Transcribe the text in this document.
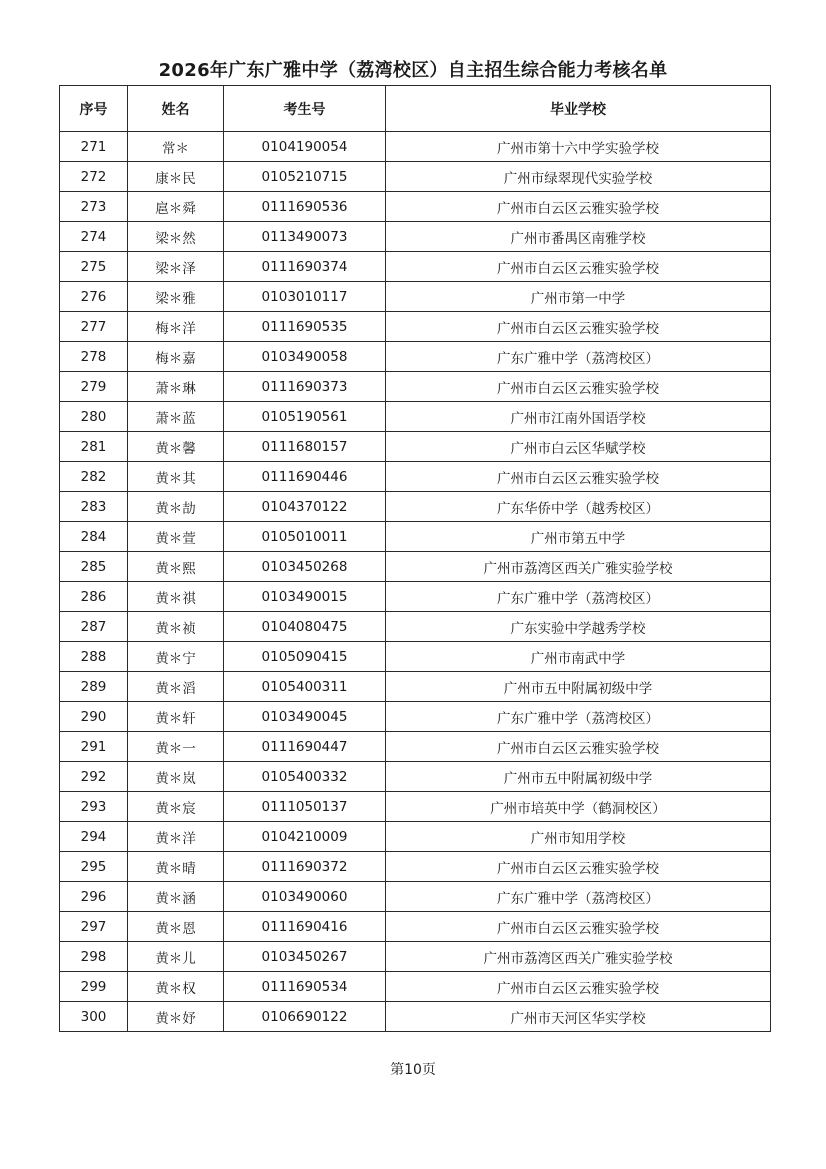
2026年广东广雅中学（荔湾校区）自主招生综合能力考核名单
序号	姓名	考生号	毕业学校
271	常＊	0104190054	广州市第十六中学实验学校
272	康＊民	0105210715	广州市绿翠现代实验学校
273	扈＊舜	0111690536	广州市白云区云雅实验学校
274	梁＊然	0113490073	广州市番禺区南雅学校
275	梁＊泽	0111690374	广州市白云区云雅实验学校
276	梁＊雅	0103010117	广州市第一中学
277	梅＊洋	0111690535	广州市白云区云雅实验学校
278	梅＊嘉	0103490058	广东广雅中学（荔湾校区）
279	萧＊琳	0111690373	广州市白云区云雅实验学校
280	萧＊蓝	0105190561	广州市江南外国语学校
281	黄＊馨	0111680157	广州市白云区华赋学校
282	黄＊其	0111690446	广州市白云区云雅实验学校
283	黄＊劼	0104370122	广东华侨中学（越秀校区）
284	黄＊萱	0105010011	广州市第五中学
285	黄＊熙	0103450268	广州市荔湾区西关广雅实验学校
286	黄＊祺	0103490015	广东广雅中学（荔湾校区）
287	黄＊祯	0104080475	广东实验中学越秀学校
288	黄＊宁	0105090415	广州市南武中学
289	黄＊滔	0105400311	广州市五中附属初级中学
290	黄＊轩	0103490045	广东广雅中学（荔湾校区）
291	黄＊一	0111690447	广州市白云区云雅实验学校
292	黄＊岚	0105400332	广州市五中附属初级中学
293	黄＊宸	0111050137	广州市培英中学（鹤洞校区）
294	黄＊洋	0104210009	广州市知用学校
295	黄＊晴	0111690372	广州市白云区云雅实验学校
296	黄＊涵	0103490060	广东广雅中学（荔湾校区）
297	黄＊恩	0111690416	广州市白云区云雅实验学校
298	黄＊儿	0103450267	广州市荔湾区西关广雅实验学校
299	黄＊权	0111690534	广州市白云区云雅实验学校
300	黄＊妤	0106690122	广州市天河区华实学校
第10页
